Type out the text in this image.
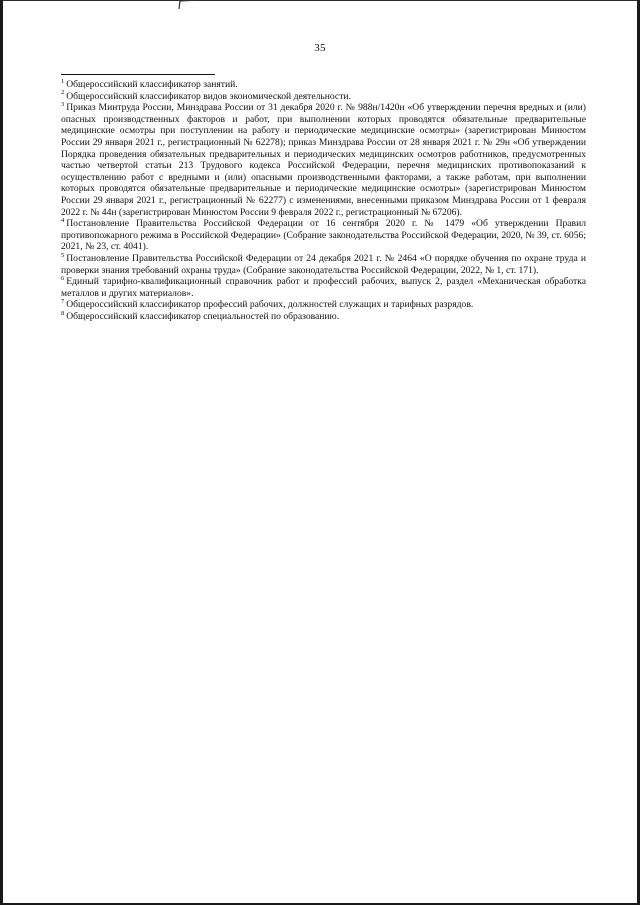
35

$^1$ Общероссийский классификатор занятий.

$^2$ Общероссийский классификатор видов экономической деятельности.

$^3$ Приказ Минтруда России, Минздрава России от 31 декабря 2020 г. № 988н/1420н «Об утверждении перечня вредных и (или) опасных производственных факторов и работ, при выполнении которых проводятся обязательные предварительные медицинские осмотры при поступлении на работу и периодические медицинские осмотры» (зарегистрирован Минюстом России 29 января 2021 г., регистрационный № 62278); приказ Минздрава России от 28 января 2021 г. № 29н «Об утверждении Порядка проведения обязательных предварительных и периодических медицинских осмотров работников, предусмотренных частью четвертой статьи 213 Трудового кодекса Российской Федерации, перечня медицинских противопоказаний к осуществлению работ с вредными и (или) опасными производственными факторами, а также работам, при выполнении которых проводятся обязательные предварительные и периодические медицинские осмотры» (зарегистрирован Минюстом России 29 января 2021 г., регистрационный № 62277) с изменениями, внесенными приказом Минздрава России от 1 февраля 2022 г. № 44н (зарегистрирован Минюстом России 9 февраля 2022 г., регистрационный № 67206).

$^4$ Постановление Правительства Российской Федерации от 16 сентября 2020 г. № 1479 «Об утверждении Правил противопожарного режима в Российской Федерации» (Собрание законодательства Российской Федерации, 2020, № 39, ст. 6056; 2021, № 23, ст. 4041).

$^5$ Постановление Правительства Российской Федерации от 24 декабря 2021 г. № 2464 «О порядке обучения по охране труда и проверки знания требований охраны труда» (Собрание законодательства Российской Федерации, 2022, № 1, ст. 171).

$^6$ Единый тарифно-квалификационный справочник работ и профессий рабочих, выпуск 2, раздел «Механическая обработка металлов и других материалов».

$^7$ Общероссийский классификатор профессий рабочих, должностей служащих и тарифных разрядов.

$^8$ Общероссийский классификатор специальностей по образованию.
